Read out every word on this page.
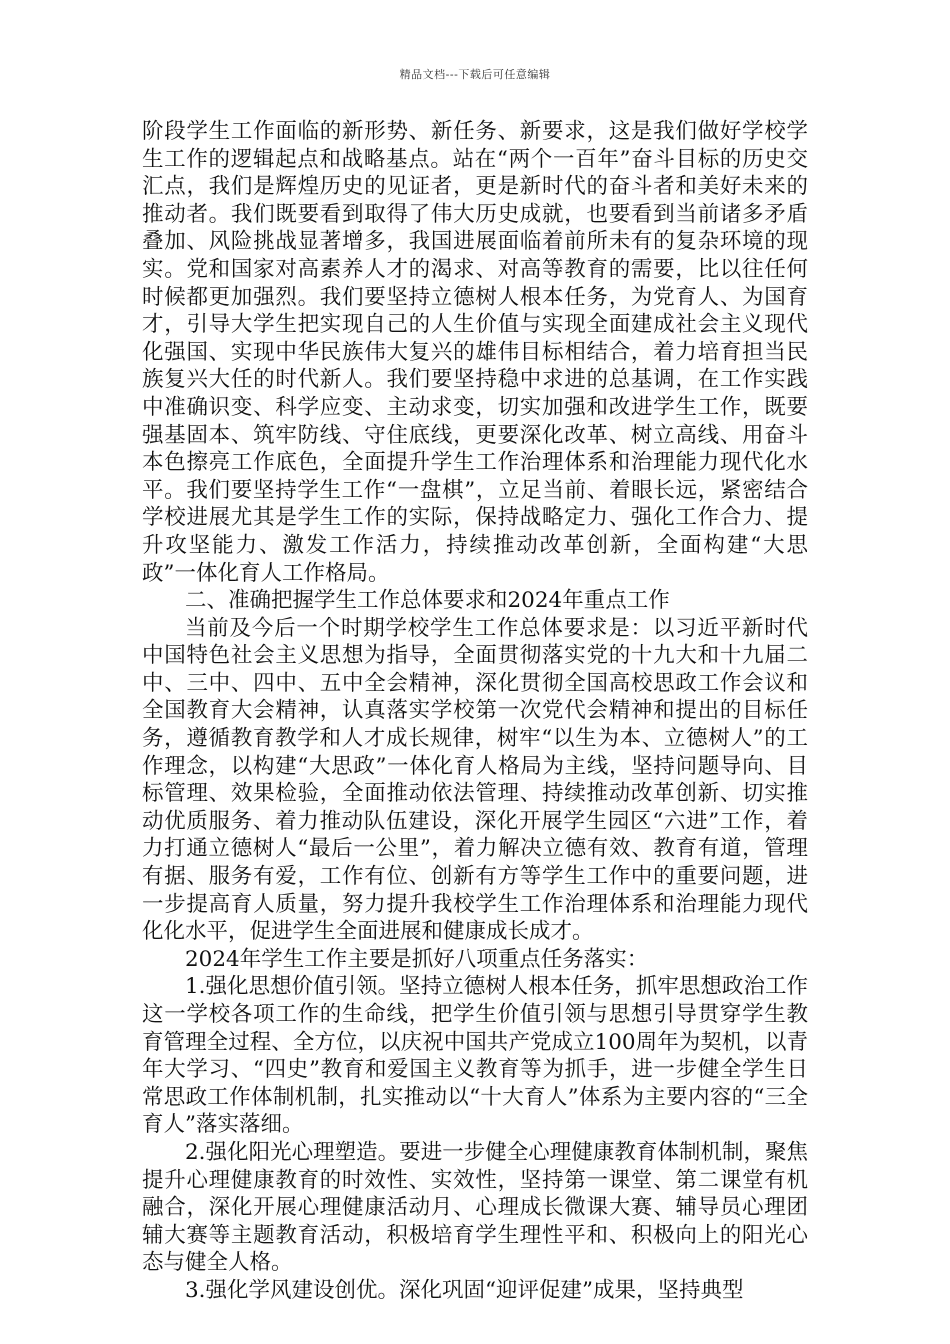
精品文档---下载后可任意编辑

阶段学生工作面临的新形势、新任务、新要求，这是我们做好学校学生工作的逻辑起点和战略基点。站在“两个一百年”奋斗目标的历史交汇点，我们是辉煌历史的见证者，更是新时代的奋斗者和美好未来的推动者。我们既要看到取得了伟大历史成就，也要看到当前诸多矛盾叠加、风险挑战显著增多，我国进展面临着前所未有的复杂环境的现实。党和国家对高素养人才的渴求、对高等教育的需要，比以往任何时候都更加强烈。我们要坚持立德树人根本任务，为党育人、为国育才，引导大学生把实现自己的人生价值与实现全面建成社会主义现代化强国、实现中华民族伟大复兴的雄伟目标相结合，着力培育担当民族复兴大任的时代新人。我们要坚持稳中求进的总基调，在工作实践中准确识变、科学应变、主动求变，切实加强和改进学生工作，既要强基固本、筑牢防线、守住底线，更要深化改革、树立高线、用奋斗本色擦亮工作底色，全面提升学生工作治理体系和治理能力现代化水平。我们要坚持学生工作“一盘棋”，立足当前、着眼长远，紧密结合学校进展尤其是学生工作的实际，保持战略定力、强化工作合力、提升攻坚能力、激发工作活力，持续推动改革创新，全面构建“大思政”一体化育人工作格局。

二、准确把握学生工作总体要求和2024年重点工作

当前及今后一个时期学校学生工作总体要求是：以习近平新时代中国特色社会主义思想为指导，全面贯彻落实党的十九大和十九届二中、三中、四中、五中全会精神，深化贯彻全国高校思政工作会议和全国教育大会精神，认真落实学校第一次党代会精神和提出的目标任务，遵循教育教学和人才成长规律，树牢“以生为本、立德树人”的工作理念，以构建“大思政”一体化育人格局为主线，坚持问题导向、目标管理、效果检验，全面推动依法管理、持续推动改革创新、切实推动优质服务、着力推动队伍建设，深化开展学生园区“六进”工作，着力打通立德树人“最后一公里”，着力解决立德有效、教育有道，管理有据、服务有爱，工作有位、创新有方等学生工作中的重要问题，进一步提高育人质量，努力提升我校学生工作治理体系和治理能力现代化化水平，促进学生全面进展和健康成长成才。

2024年学生工作主要是抓好八项重点任务落实：

1.强化思想价值引领。坚持立德树人根本任务，抓牢思想政治工作这一学校各项工作的生命线，把学生价值引领与思想引导贯穿学生教育管理全过程、全方位，以庆祝中国共产党成立100周年为契机，以青年大学习、“四史”教育和爱国主义教育等为抓手，进一步健全学生日常思政工作体制机制，扎实推动以“十大育人”体系为主要内容的“三全育人”落实落细。

2.强化阳光心理塑造。要进一步健全心理健康教育体制机制，聚焦提升心理健康教育的时效性、实效性，坚持第一课堂、第二课堂有机融合，深化开展心理健康活动月、心理成长微课大赛、辅导员心理团辅大赛等主题教育活动，积极培育学生理性平和、积极向上的阳光心态与健全人格。

3.强化学风建设创优。深化巩固“迎评促建”成果，坚持典型
